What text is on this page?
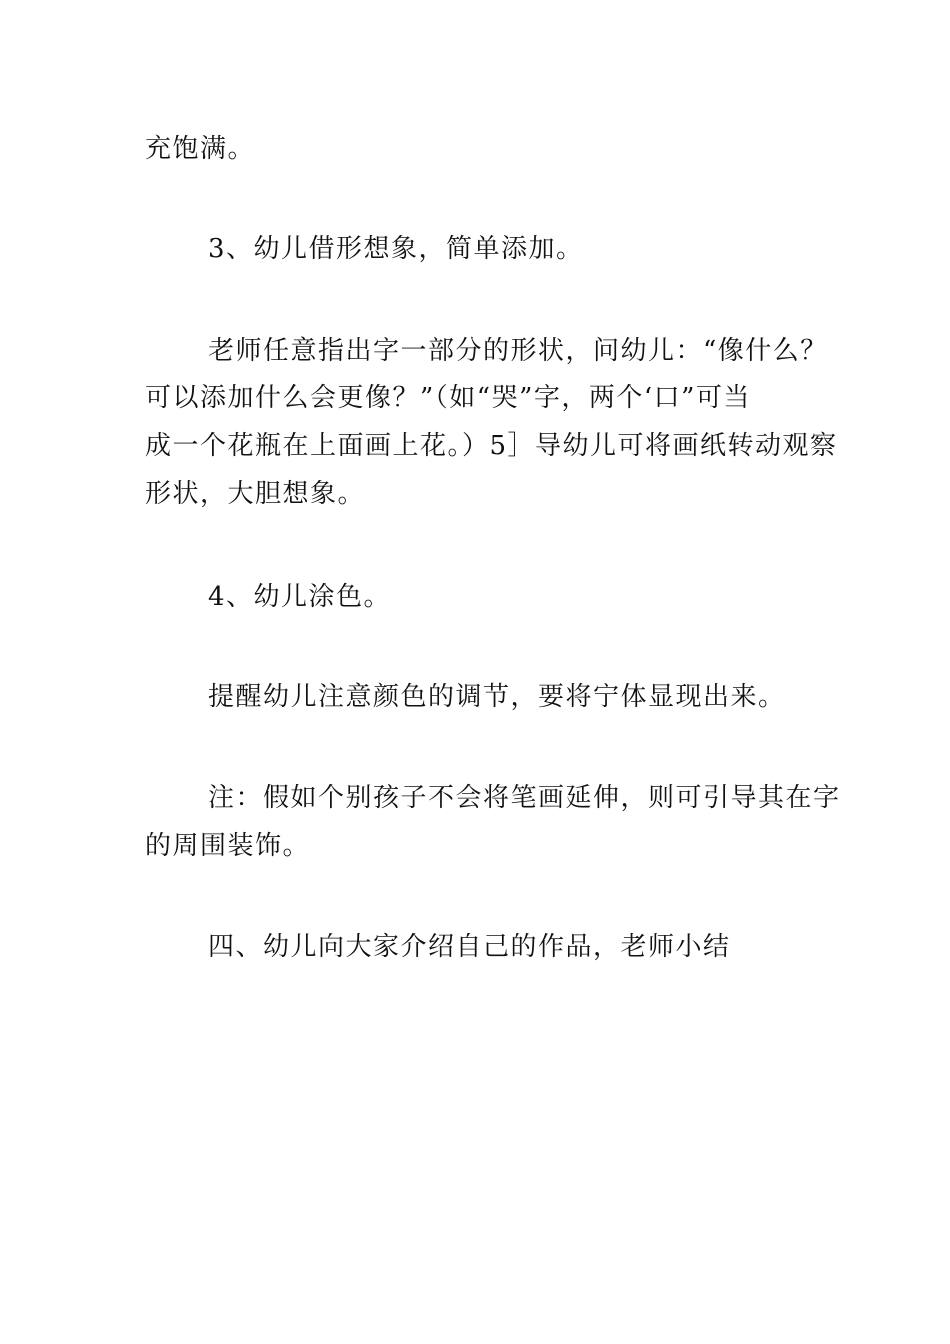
充饱满。
3、幼儿借形想象，简单添加。
老师任意指出字一部分的形状，问幼儿：“像什么？
可以添加什么会更像？”（如“哭”字，两个‘口”可当
成一个花瓶在上面画上花。）5］导幼儿可将画纸转动观察
形状，大胆想象。
4、幼儿涂色。
提醒幼儿注意颜色的调节，要将宁体显现出来。
注：假如个别孩子不会将笔画延伸，则可引导其在字
的周围装饰。
四、幼儿向大家介绍自己的作品，老师小结
